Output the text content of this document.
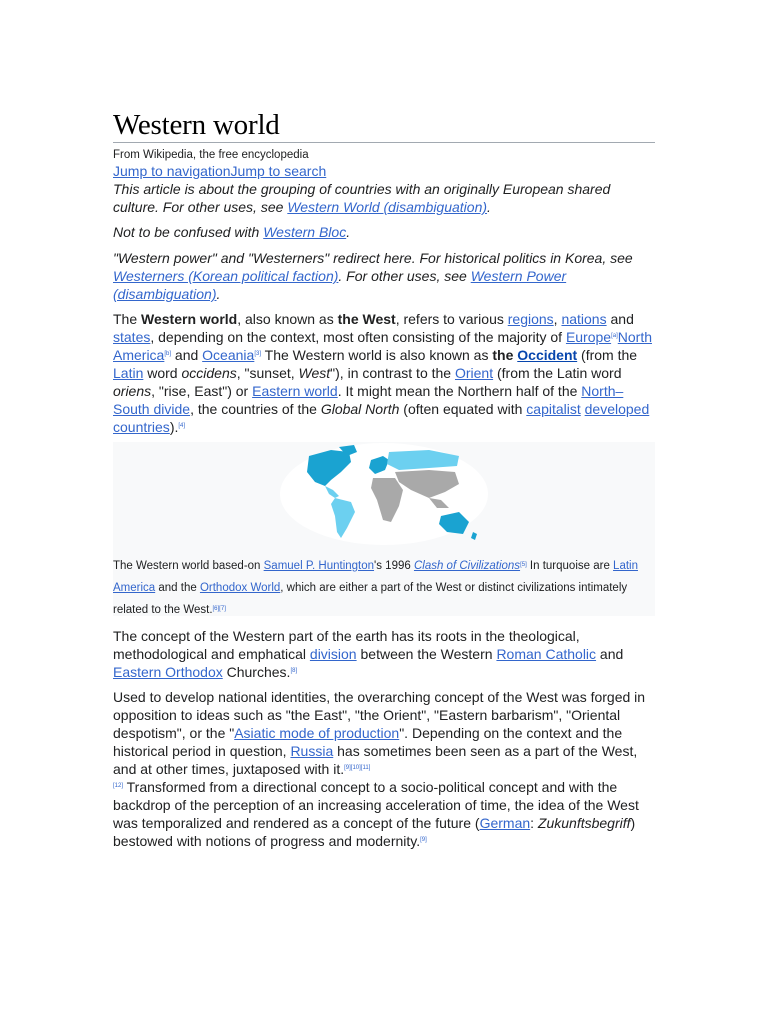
Western world
From Wikipedia, the free encyclopedia
Jump to navigationJump to search

This article is about the grouping of countries with an originally European shared culture. For other uses, see Western World (disambiguation).

Not to be confused with Western Bloc.

"Western power" and "Westerners" redirect here. For historical politics in Korea, see Westerners (Korean political faction). For other uses, see Western Power (disambiguation).

The Western world, also known as the West, refers to various regions, nations and states, depending on the context, most often consisting of the majority of Europe[a]North America[b] and Oceania[3] The Western world is also known as the Occident (from the Latin word occidens, "sunset, West"), in contrast to the Orient (from the Latin word oriens, "rise, East") or Eastern world. It might mean the Northern half of the North–South divide, the countries of the Global North (often equated with capitalist developed countries).[4]

The Western world based-on Samuel P. Huntington's 1996 Clash of Civilizations[5] In turquoise are Latin America and the Orthodox World, which are either a part of the West or distinct civilizations intimately related to the West.[6][7]

The concept of the Western part of the earth has its roots in the theological, methodological and emphatical division between the Western Roman Catholic and Eastern Orthodox Churches.[8]

Used to develop national identities, the overarching concept of the West was forged in opposition to ideas such as "the East", "the Orient", "Eastern barbarism", "Oriental despotism", or the "Asiatic mode of production". Depending on the context and the historical period in question, Russia has sometimes been seen as a part of the West, and at other times, juxtaposed with it.[9][10][11]
[12] Transformed from a directional concept to a socio-political concept and with the backdrop of the perception of an increasing acceleration of time, the idea of the West was temporalized and rendered as a concept of the future (German: Zukunftsbegriff) bestowed with notions of progress and modernity.[9]
